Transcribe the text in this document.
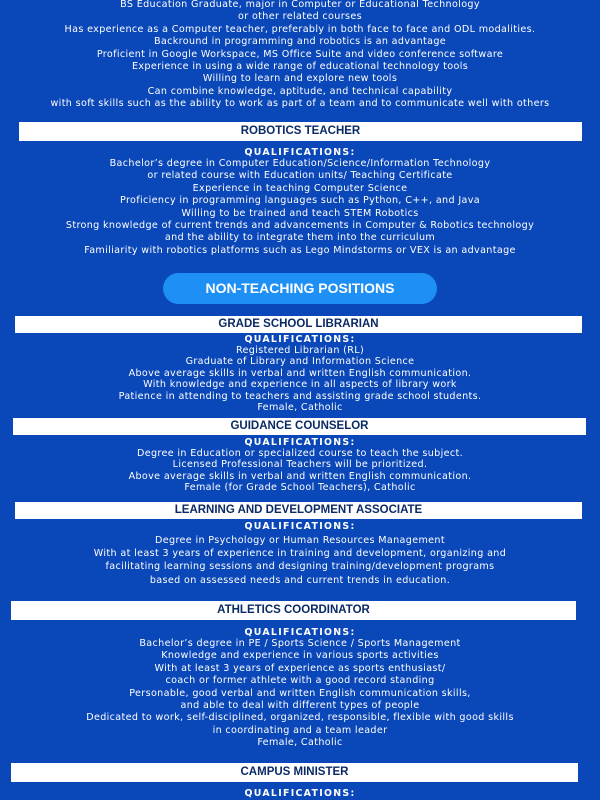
BS Education Graduate, major in Computer or Educational Technology
or other related courses
Has experience as a Computer teacher, preferably in both face to face and ODL modalities.
Backround in programming and robotics is an advantage
Proficient in Google Workspace, MS Office Suite and video conference software
Experience in using a wide range of educational technology tools
Willing to learn and explore new tools
Can combine knowledge, aptitude, and technical capability
with soft skills such as the ability to work as part of a team and to communicate well with others
ROBOTICS TEACHER
QUALIFICATIONS:
Bachelor’s degree in Computer Education/Science/Information Technology
or related course with Education units/ Teaching Certificate
Experience in teaching Computer Science
Proficiency in programming languages such as Python, C++, and Java
Willing to be trained and teach STEM Robotics
Strong knowledge of current trends and advancements in Computer & Robotics technology
and the ability to integrate them into the curriculum
Familiarity with robotics platforms such as Lego Mindstorms or VEX is an advantage
NON-TEACHING POSITIONS
GRADE SCHOOL LIBRARIAN
QUALIFICATIONS:
Registered Librarian (RL)
Graduate of Library and Information Science
Above average skills in verbal and written English communication.
With knowledge and experience in all aspects of library work
Patience in attending to teachers and assisting grade school students.
Female, Catholic
GUIDANCE COUNSELOR
QUALIFICATIONS:
Degree in Education or specialized course to teach the subject.
Licensed Professional Teachers will be prioritized.
Above average skills in verbal and written English communication.
Female (for Grade School Teachers), Catholic
LEARNING AND DEVELOPMENT ASSOCIATE
QUALIFICATIONS:
Degree in Psychology or Human Resources Management
With at least 3 years of experience in training and development, organizing and
facilitating learning sessions and designing training/development programs
based on assessed needs and current trends in education.
ATHLETICS COORDINATOR
QUALIFICATIONS:
Bachelor’s degree in PE / Sports Science / Sports Management
Knowledge and experience in various sports activities
With at least 3 years of experience as sports enthusiast/
coach or former athlete with a good record standing
Personable, good verbal and written English communication skills,
and able to deal with different types of people
Dedicated to work, self-disciplined, organized, responsible, flexible with good skills
in coordinating and a team leader
Female, Catholic
CAMPUS MINISTER
QUALIFICATIONS:
